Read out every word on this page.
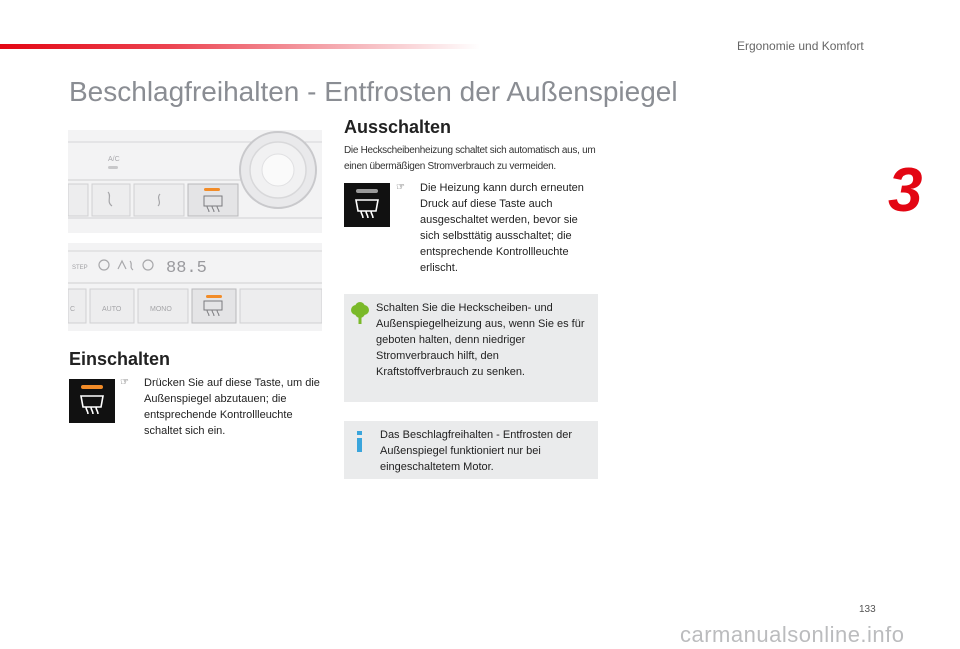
Ergonomie und Komfort
3
Beschlagfreihalten - Entfrosten der Außenspiegel
A/C
STEP	88.5
C	AUTO	MONO
Einschalten
☞	Drücken Sie auf diese Taste, um die Außenspiegel abzutauen; die entsprechende Kontrollleuchte schaltet sich ein.
Ausschalten
Die Heckscheibenheizung schaltet sich automatisch aus, um einen übermäßigen Stromverbrauch zu vermeiden.
☞	Die Heizung kann durch erneuten Druck auf diese Taste auch ausgeschaltet werden, bevor sie sich selbsttätig ausschaltet; die entsprechende Kontrollleuchte erlischt.
Schalten Sie die Heckscheiben- und Außenspiegelheizung aus, wenn Sie es für geboten halten, denn niedriger Stromverbrauch hilft, den Kraftstoffverbrauch zu senken.
Das Beschlagfreihalten - Entfrosten der Außenspiegel funktioniert nur bei eingeschaltetem Motor.
133
carmanualsonline.info
